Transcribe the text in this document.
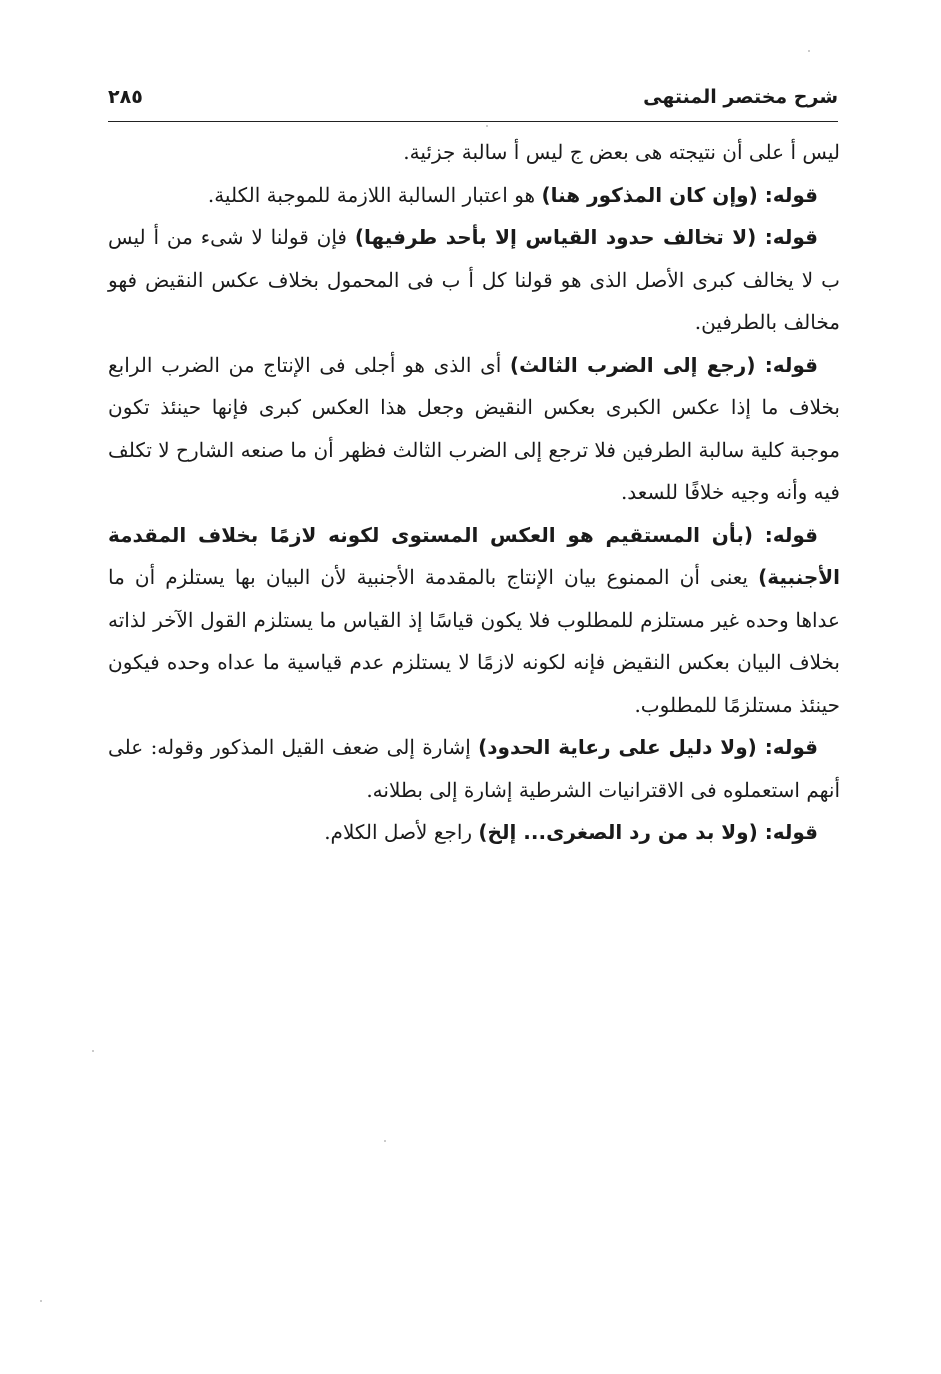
شرح مختصر المنتهى
٢٨٥

ليس أ على أن نتيجته هى بعض ج ليس أ سالبة جزئية.

قوله: (وإن كان المذكور هنا) هو اعتبار السالبة اللازمة للموجبة الكلية.

قوله: (لا تخالف حدود القياس إلا بأحد طرفيها) فإن قولنا لا شىء من أ ليس ب لا يخالف كبرى الأصل الذى هو قولنا كل أ ب فى المحمول بخلاف عكس النقيض فهو مخالف بالطرفين.

قوله: (رجع إلى الضرب الثالث) أى الذى هو أجلى فى الإنتاج من الضرب الرابع بخلاف ما إذا عكس الكبرى بعكس النقيض وجعل هذا العكس كبرى فإنها حينئذ تكون موجبة كلية سالبة الطرفين فلا ترجع إلى الضرب الثالث فظهر أن ما صنعه الشارح لا تكلف فيه وأنه وجيه خلافًا للسعد.

قوله: (بأن المستقيم هو العكس المستوى لكونه لازمًا بخلاف المقدمة الأجنبية) يعنى أن الممنوع بيان الإنتاج بالمقدمة الأجنبية لأن البيان بها يستلزم أن ما عداها وحده غير مستلزم للمطلوب فلا يكون قياسًا إذ القياس ما يستلزم القول الآخر لذاته بخلاف البيان بعكس النقيض فإنه لكونه لازمًا لا يستلزم عدم قياسية ما عداه وحده فيكون حينئذ مستلزمًا للمطلوب.

قوله: (ولا دليل على رعاية الحدود) إشارة إلى ضعف القيل المذكور وقوله: على أنهم استعملوه فى الاقترانيات الشرطية إشارة إلى بطلانه.

قوله: (ولا بد من رد الصغرى... إلخ) راجع لأصل الكلام.
